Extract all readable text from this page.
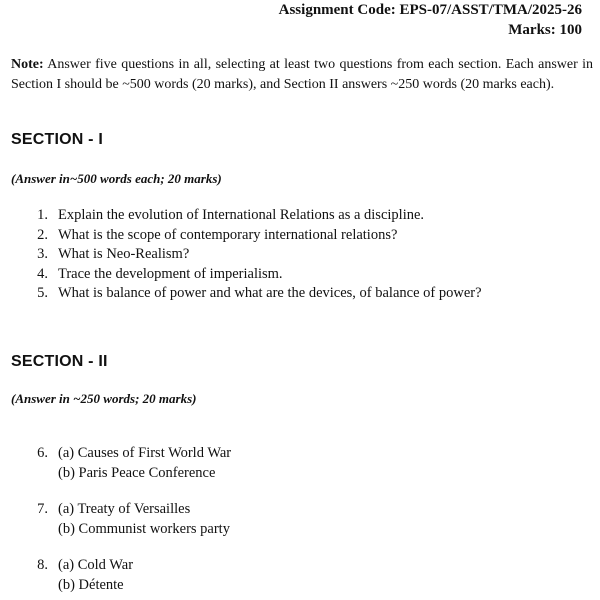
Assignment Code: EPS-07/ASST/TMA/2025-26
Marks: 100
Note: Answer five questions in all, selecting at least two questions from each section. Each answer in Section I should be ~500 words (20 marks), and Section II answers ~250 words (20 marks each).
SECTION - I
(Answer in~500 words each; 20 marks)
1. Explain the evolution of International Relations as a discipline.
2. What is the scope of contemporary international relations?
3. What is Neo-Realism?
4. Trace the development of imperialism.
5. What is balance of power and what are the devices, of balance of power?
SECTION - II
(Answer in ~250 words; 20 marks)
6. (a) Causes of First World War
(b) Paris Peace Conference
7. (a) Treaty of Versailles
(b) Communist workers party
8. (a) Cold War
(b) Détente
